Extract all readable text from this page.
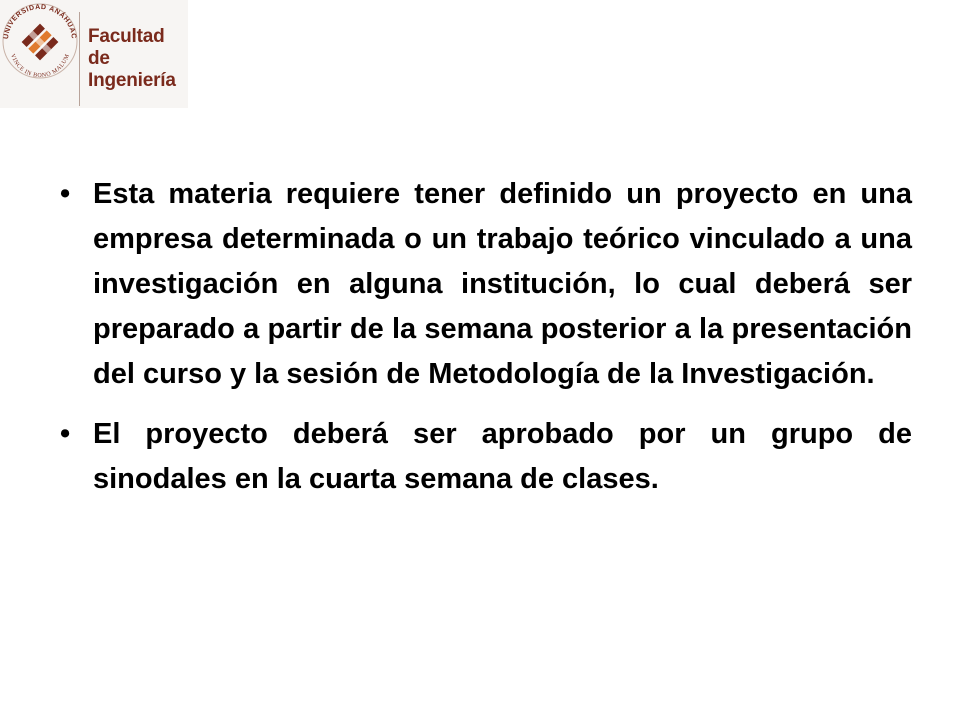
UNIVERSIDAD ANÁHUAC
VINCE IN BONO MALUM
Facultad
de Ingeniería
• Esta materia requiere tener definido un proyecto en una empresa determinada o un trabajo teórico vinculado a una investigación en alguna institución, lo cual deberá ser preparado a partir de la semana posterior a la presentación del curso y la sesión de Metodología de la Investigación.
• El proyecto deberá ser aprobado por un grupo de sinodales en la cuarta semana de clases.
